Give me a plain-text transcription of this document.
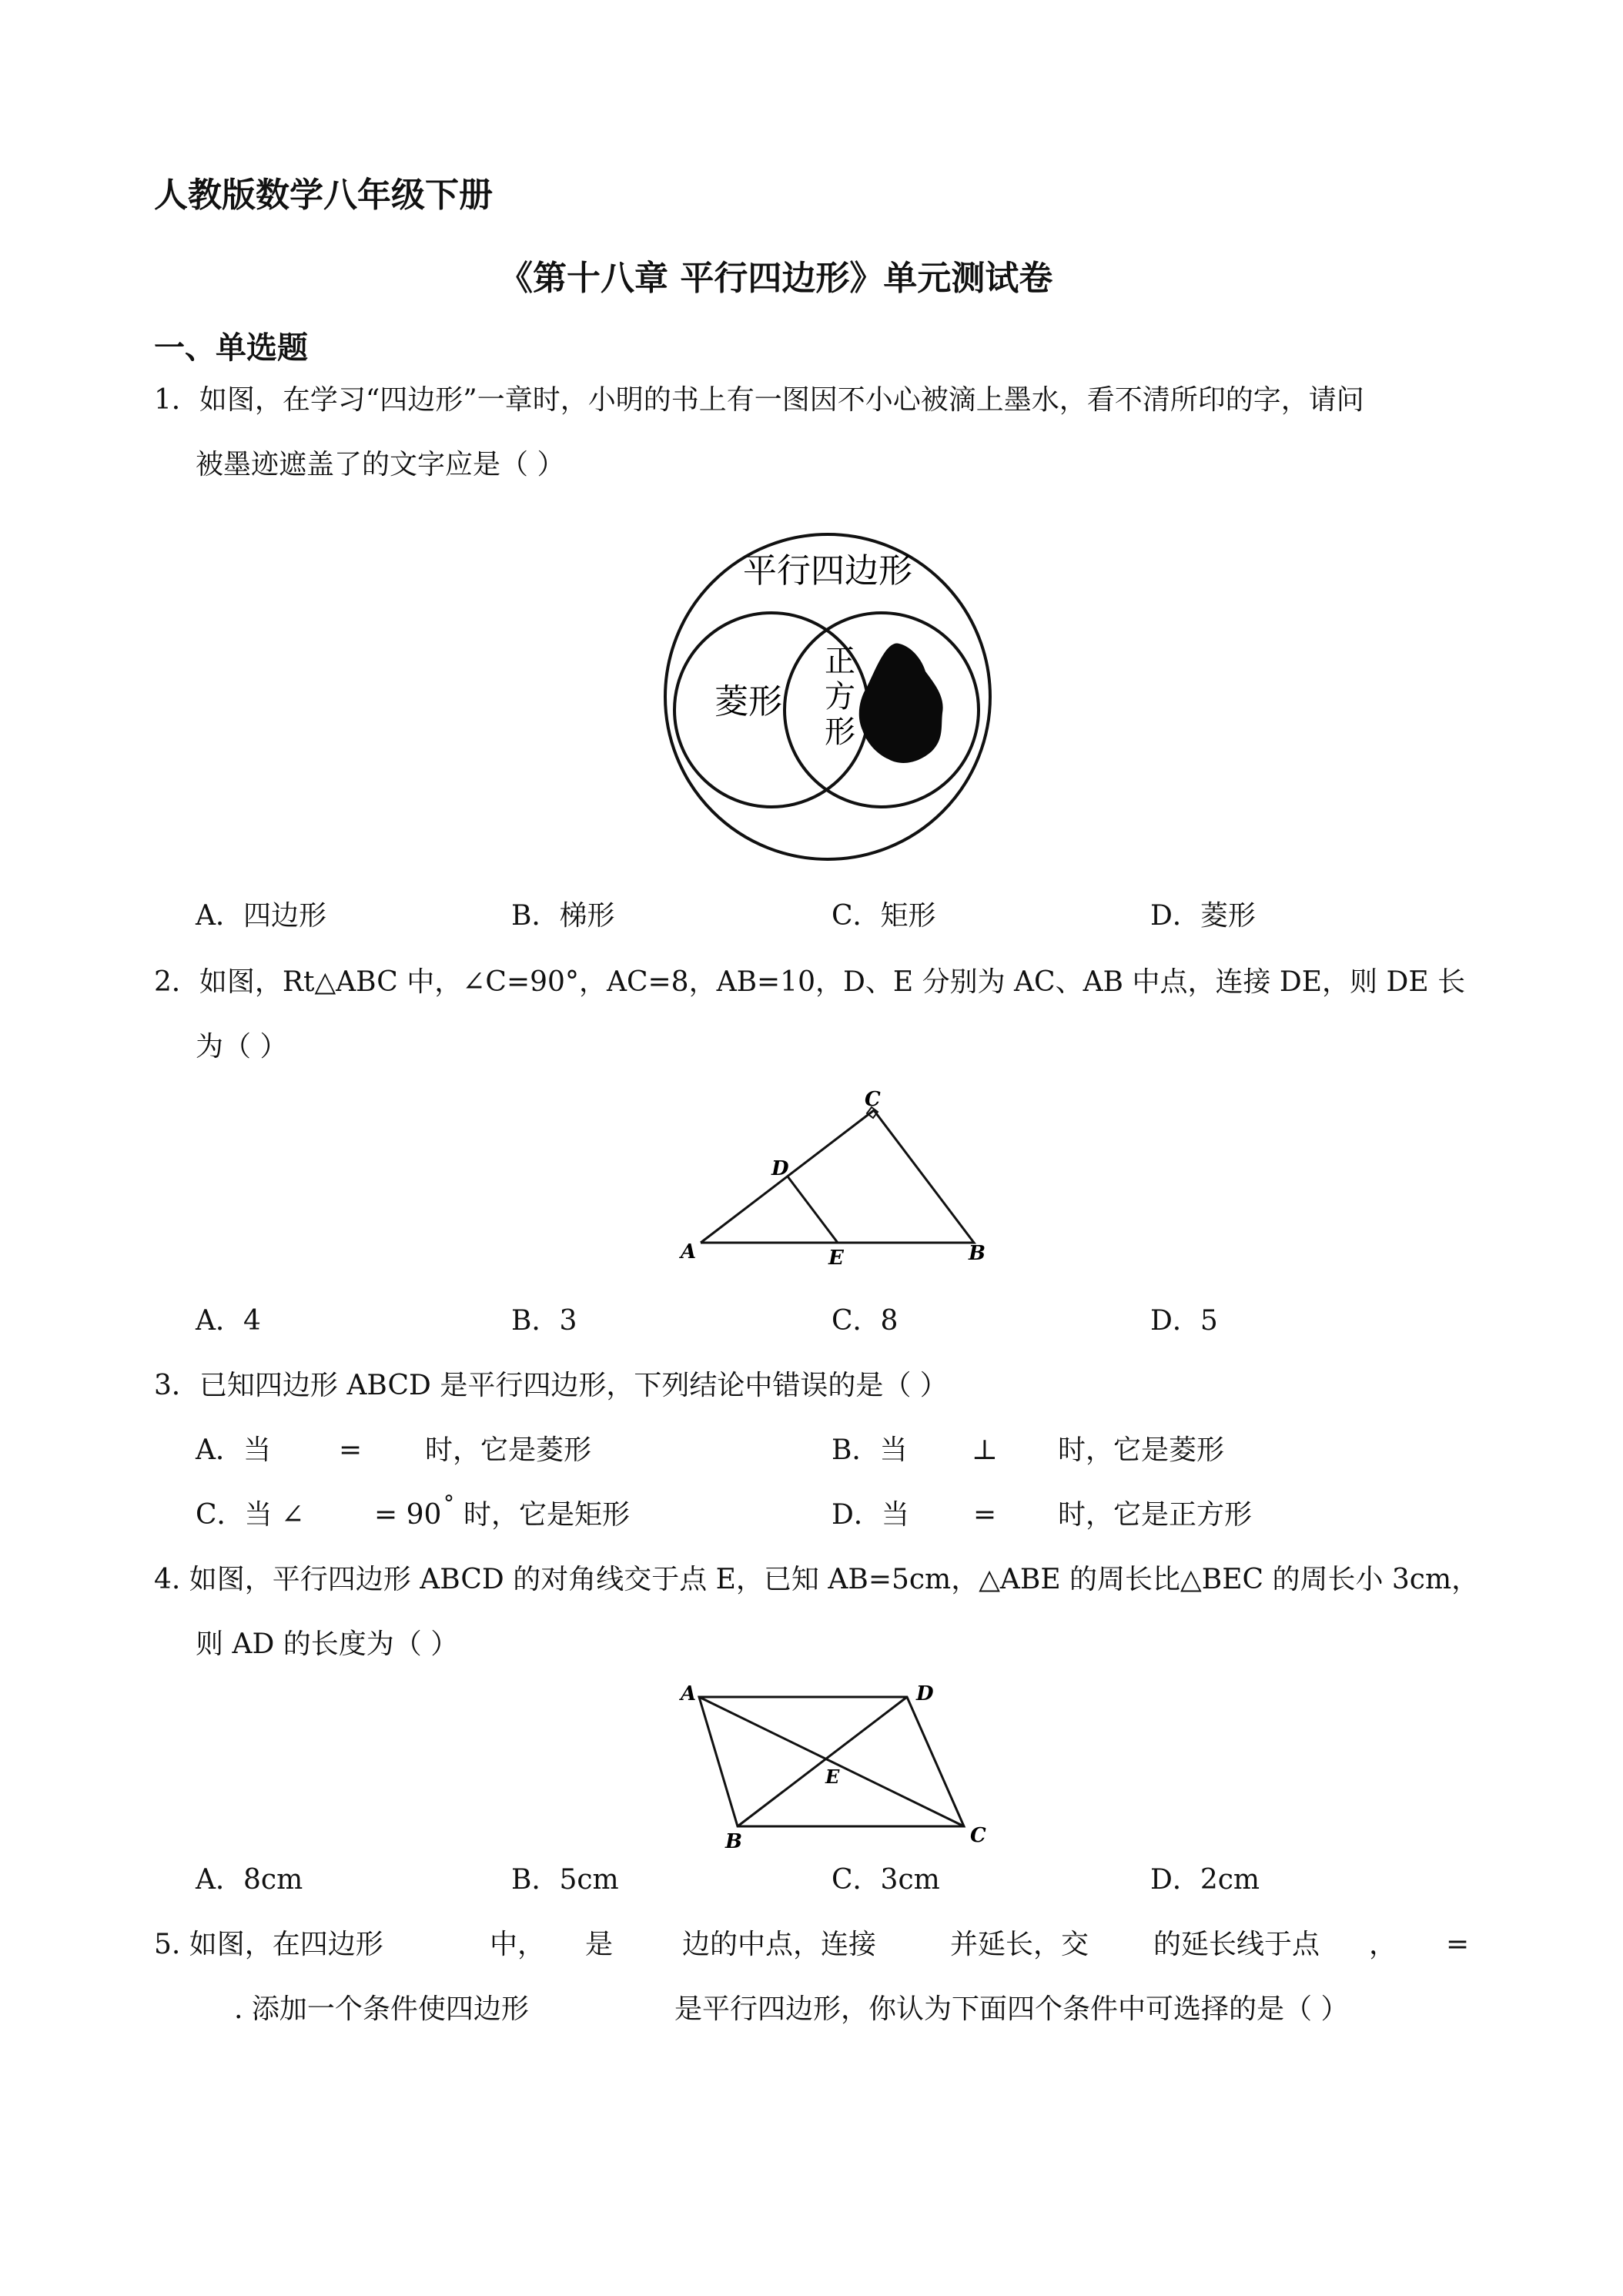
人教版数学八年级下册
《第十八章 平行四边形》单元测试卷
一、单选题
1．如图，在学习“四边形”一章时，小明的书上有一图因不小心被滴上墨水，看不清所印的字，请问
被墨迹遮盖了的文字应是（ ）
平行四边形
菱形
正
方
形
A．四边形	B．梯形	C．矩形	D．菱形
2．如图，Rt△ABC 中，∠C=90°，AC=8，AB=10，D、E 分别为 AC、AB 中点，连接 DE，则 DE 长
为（ ）
C
D
A	E	B
A．4	B．3	C．8	D．5
3．已知四边形 ABCD 是平行四边形，下列结论中错误的是（ ）
A．当 = 时，它是菱形	B．当 ⊥ 时，它是菱形
C．当 ∠	= 90 ° 时，它是矩形	D．当 = 时，它是正方形
4. 如图，平行四边形 ABCD 的对角线交于点 E，已知 AB=5cm，△ABE 的周长比△BEC 的周长小 3cm，
则 AD 的长度为（ ）
A	D
E
B	C
A．8cm	B．5cm	C．3cm	D．2cm
5. 如图，在四边形	中， 是 边的中点，连接	并延长，交 的延长线于点 ， =
. 添加一个条件使四边形	是平行四边形，你认为下面四个条件中可选择的是（ ）
